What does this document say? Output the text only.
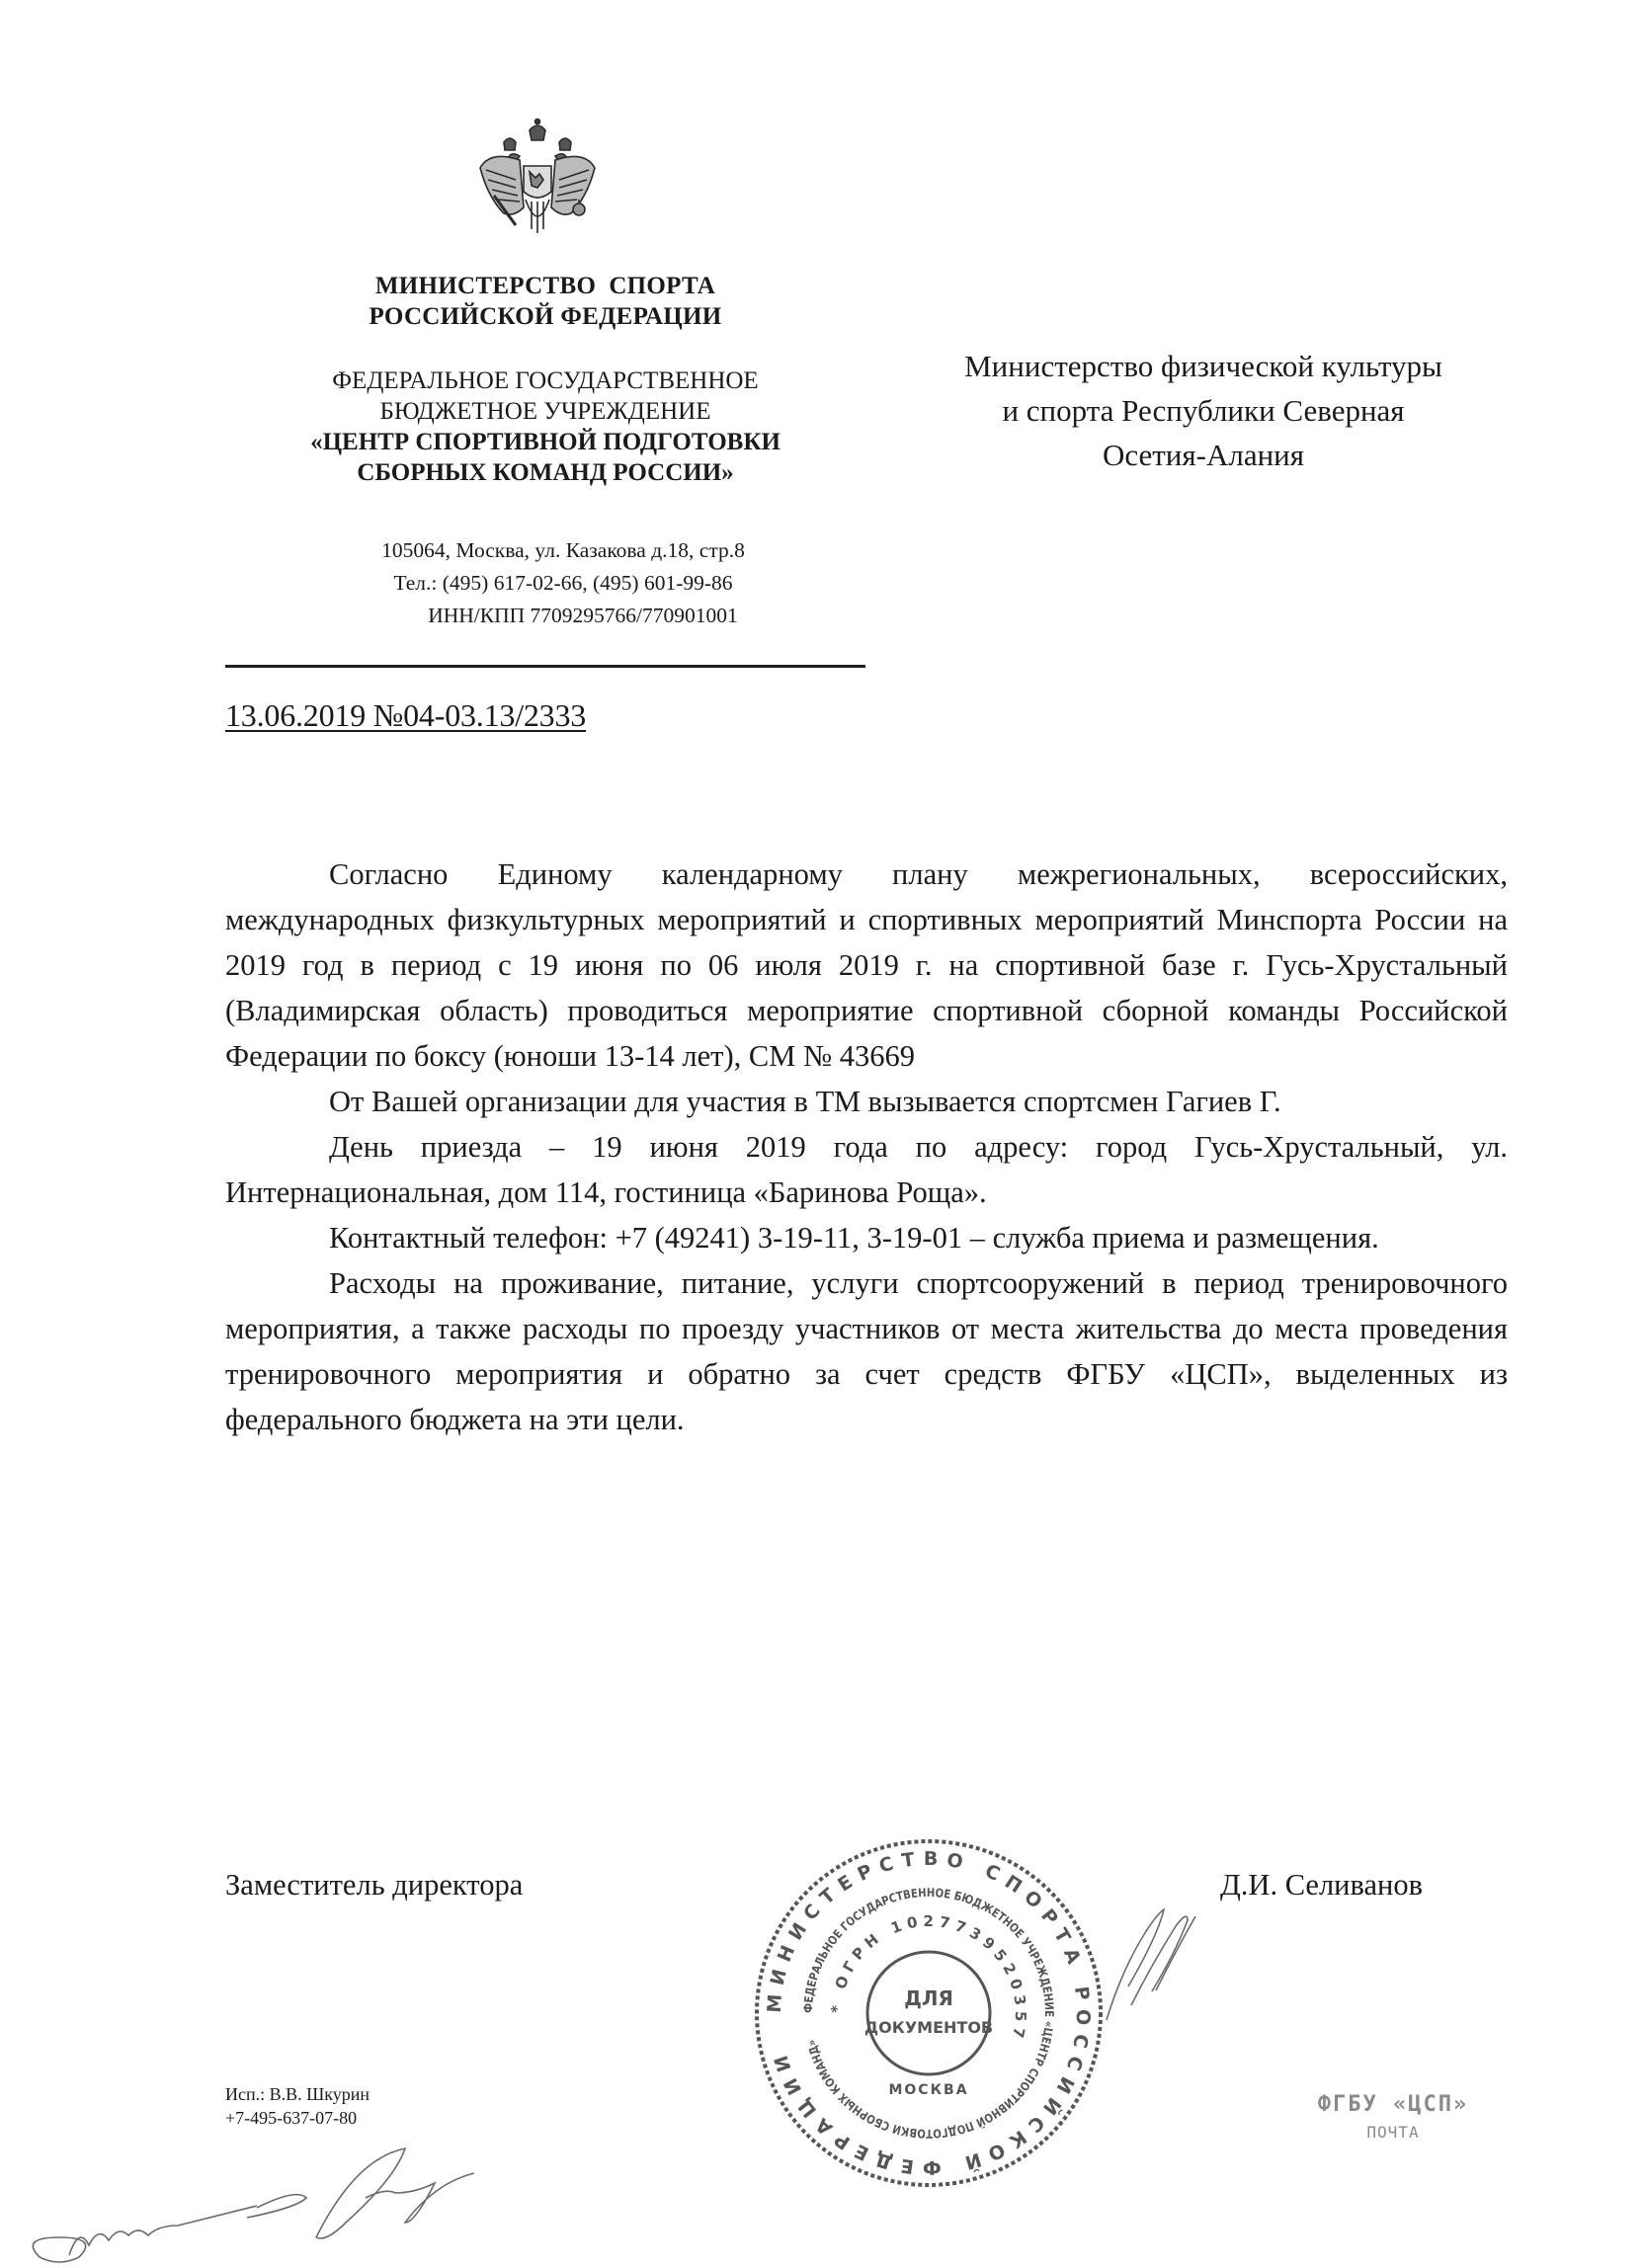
МИНИСТЕРСТВО  СПОРТА
РОССИЙСКОЙ ФЕДЕРАЦИИ
ФЕДЕРАЛЬНОЕ ГОСУДАРСТВЕННОЕ
БЮДЖЕТНОЕ УЧРЕЖДЕНИЕ
«ЦЕНТР СПОРТИВНОЙ ПОДГОТОВКИ
СБОРНЫХ КОМАНД РОССИИ»
105064, Москва, ул. Казакова д.18, стр.8
Тел.: (495) 617-02-66, (495) 601-99-86
ИНН/КПП 7709295766/770901001
13.06.2019 №04-03.13/2333
Министерство физической культуры
и спорта Республики Северная
Осетия-Алания

Согласно Единому календарному плану межрегиональных, всероссийских, международных физкультурных мероприятий и спортивных мероприятий Минспорта России на 2019 год в период с 19 июня по 06 июля 2019 г. на спортивной базе г. Гусь-Хрустальный (Владимирская область) проводиться мероприятие спортивной сборной команды Российской Федерации по боксу (юноши 13-14 лет), СМ № 43669

От Вашей организации для участия в ТМ вызывается спортсмен Гагиев Г.

День приезда – 19 июня 2019 года по адресу: город Гусь-Хрустальный, ул. Интернациональная, дом 114, гостиница «Баринова Роща».

Контактный телефон: +7 (49241) 3-19-11, 3-19-01 – служба приема и размещения.

Расходы на проживание, питание, услуги спортсооружений в период тренировочного мероприятия, а также расходы по проезду участников от места жительства до места проведения тренировочного мероприятия и обратно за счет средств ФГБУ «ЦСП», выделенных из федерального бюджета на эти цели.

Заместитель директора	Д.И. Селиванов
МИНИСТЕРСТВО СПОРТА РОССИЙСКОЙ ФЕДЕРАЦИИ
ФЕДЕРАЛЬНОЕ ГОСУДАРСТВЕННОЕ БЮДЖЕТНОЕ УЧРЕЖДЕНИЕ «ЦЕНТР СПОРТИВНОЙ ПОДГОТОВКИ СБОРНЫХ КОМАНД»
* ОГРН 1027739520357
ДЛЯ
ДОКУМЕНТОВ
МОСКВА
Исп.: В.В. Шкурин
+7-495-637-07-80
ФГБУ «ЦСП»
ПОЧТА
